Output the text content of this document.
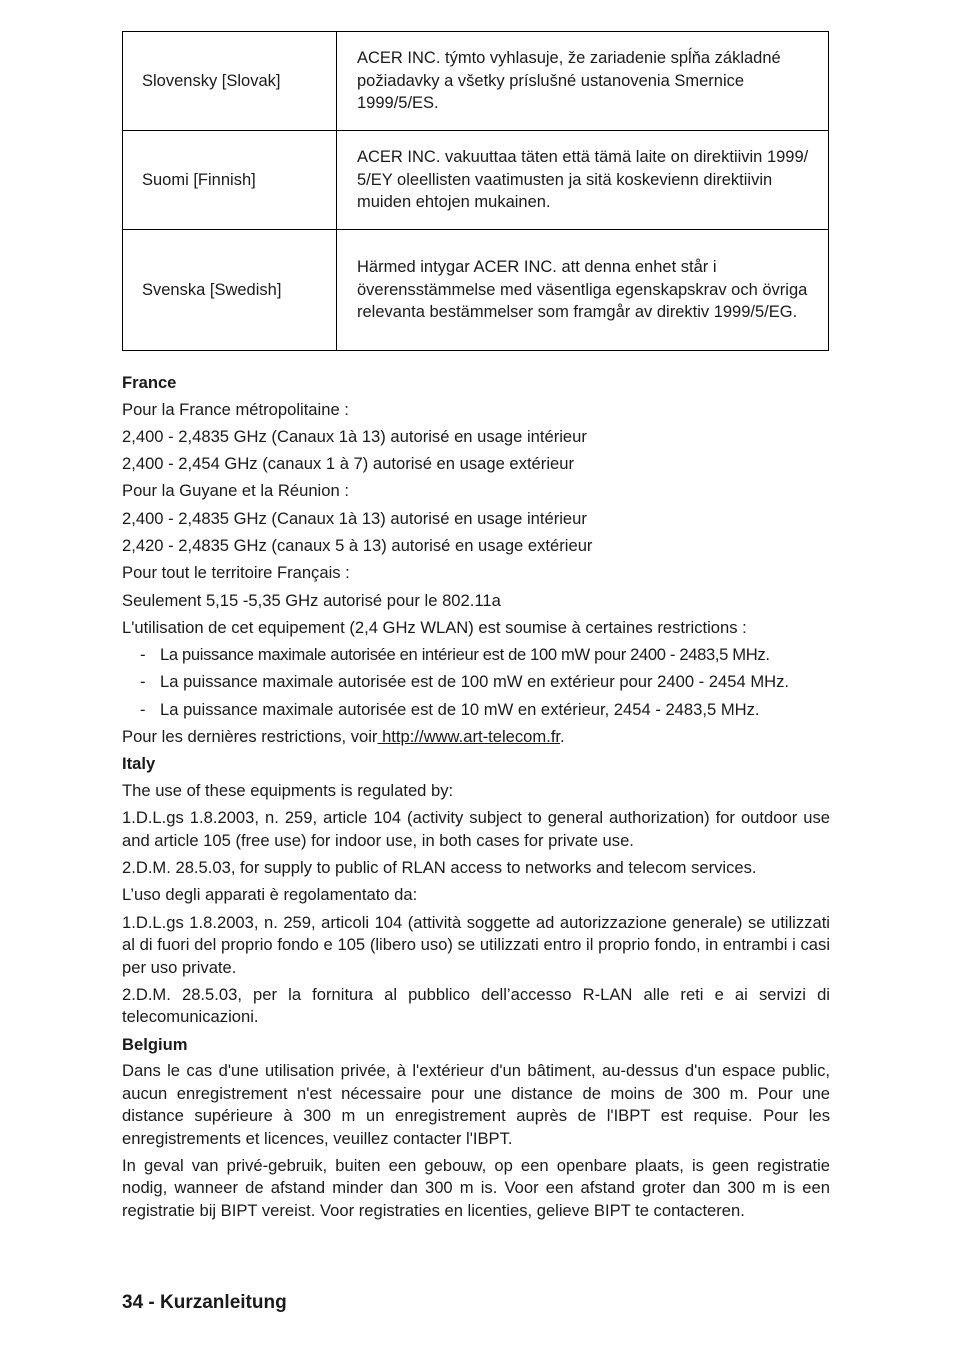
Slovensky [Slovak]	ACER INC. týmto vyhlasuje, že zariadenie spĺňa základné požiadavky a všetky príslušné ustanovenia Smernice 1999/5/ES.
Suomi [Finnish]	ACER INC. vakuuttaa täten että tämä laite on direktiivin 1999/ 5/EY oleellisten vaatimusten ja sitä koskevienn direktiivin muiden ehtojen mukainen.
Svenska [Swedish]	Härmed intygar ACER INC. att denna enhet står i överensstämmelse med väsentliga egenskapskrav och övriga relevanta bestämmelser som framgår av direktiv 1999/5/EG.
France

Pour la France métropolitaine :

2,400 - 2,4835 GHz (Canaux 1à 13) autorisé en usage intérieur

2,400 - 2,454 GHz (canaux 1 à 7) autorisé en usage extérieur

Pour la Guyane et la Réunion :

2,400 - 2,4835 GHz (Canaux 1à 13) autorisé en usage intérieur

2,420 - 2,4835 GHz (canaux 5 à 13) autorisé en usage extérieur

Pour tout le territoire Français :

Seulement 5,15 -5,35 GHz autorisé pour le 802.11a

L'utilisation de cet equipement (2,4 GHz WLAN) est soumise à certaines restrictions :

- La puissance maximale autorisée en intérieur est de 100 mW pour 2400 - 2483,5 MHz.
- La puissance maximale autorisée est de 100 mW en extérieur pour 2400 - 2454 MHz.
- La puissance maximale autorisée est de 10 mW en extérieur, 2454 - 2483,5 MHz.

Pour les dernières restrictions, voir http://www.art-telecom.fr.

Italy

The use of these equipments is regulated by:

1.D.L.gs 1.8.2003, n. 259, article 104 (activity subject to general authorization) for outdoor use and article 105 (free use) for indoor use, in both cases for private use.

2.D.M. 28.5.03, for supply to public of RLAN access to networks and telecom services.

L’uso degli apparati è regolamentato da:

1.D.L.gs 1.8.2003, n. 259, articoli 104 (attività soggette ad autorizzazione generale) se utilizzati al di fuori del proprio fondo e 105 (libero uso) se utilizzati entro il proprio fondo, in entrambi i casi per uso private.

2.D.M. 28.5.03, per la fornitura al pubblico dell’accesso R-LAN alle reti e ai servizi di telecomunicazioni.

Belgium

Dans le cas d'une utilisation privée, à l'extérieur d'un bâtiment, au-dessus d'un espace public, aucun enregistrement n'est nécessaire pour une distance de moins de 300 m. Pour une distance supérieure à 300 m un enregistrement auprès de l'IBPT est requise. Pour les enregistrements et licences, veuillez contacter l'IBPT.

In geval van privé-gebruik, buiten een gebouw, op een openbare plaats, is geen registratie nodig, wanneer de afstand minder dan 300 m is. Voor een afstand groter dan 300 m is een registratie bij BIPT vereist. Voor registraties en licenties, gelieve BIPT te contacteren.

34 - Kurzanleitung
